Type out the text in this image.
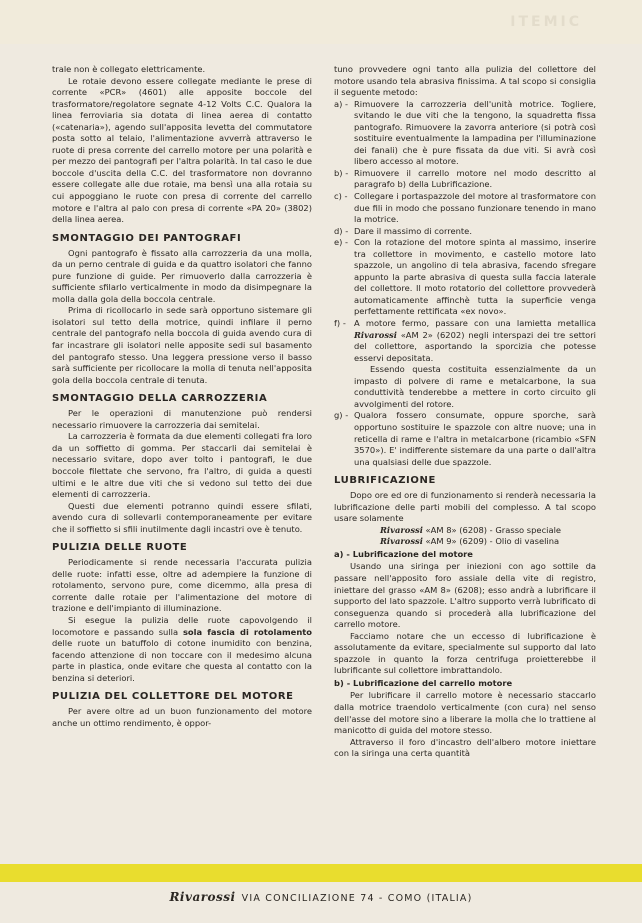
ITEMIC

trale non è collegato elettricamente.

Le rotaie devono essere collegate mediante le prese di corrente «PCR» (4601) alle apposite boccole del trasformatore/regolatore segnate 4-12 Volts C.C. Qualora la linea ferroviaria sia dotata di linea aerea di contatto («catenaria»), agendo sull'apposita levetta del commutatore posta sotto al telaio, l'alimentazione avverrà attraverso le ruote di presa corrente del carrello motore per una polarità e per mezzo dei pantografi per l'altra polarità. In tal caso le due boccole d'uscita della C.C. del trasformatore non dovranno essere collegate alle due rotaie, ma bensì una alla rotaia su cui appoggiano le ruote con presa di corrente del carrello motore e l'altra al palo con presa di corrente «PA 20» (3802) della linea aerea.

SMONTAGGIO DEI PANTOGRAFI

Ogni pantografo è fissato alla carrozzeria da una molla, da un perno centrale di guida e da quattro isolatori che fanno pure funzione di guide. Per rimuoverlo dalla carrozzeria è sufficiente sfilarlo verticalmente in modo da disimpegnare la molla dalla gola della boccola centrale.

Prima di ricollocarlo in sede sarà opportuno sistemare gli isolatori sul tetto della motrice, quindi infilare il perno centrale del pantografo nella boccola di guida avendo cura di far incastrare gli isolatori nelle apposite sedi sul basamento del pantografo stesso. Una leggera pressione verso il basso sarà sufficiente per ricollocare la molla di tenuta nell'apposita gola della boccola centrale di tenuta.

SMONTAGGIO DELLA CARROZZERIA

Per le operazioni di manutenzione può rendersi necessario rimuovere la carrozzeria dai semitelai.

La carrozzeria è formata da due elementi collegati fra loro da un soffietto di gomma. Per staccarli dai semitelai è necessario svitare, dopo aver tolto i pantografi, le due boccole filettate che servono, fra l'altro, di guida a questi ultimi e le altre due viti che si vedono sul tetto dei due elementi di carrozzeria.

Questi due elementi potranno quindi essere sfilati, avendo cura di sollevarli contemporaneamente per evitare che il soffietto si sfili inutilmente dagli incastri ove è tenuto.

PULIZIA DELLE RUOTE

Periodicamente si rende necessaria l'accurata pulizia delle ruote: infatti esse, oltre ad adempiere la funzione di rotolamento, servono pure, come dicemmo, alla presa di corrente dalle rotaie per l'alimentazione del motore di trazione e dell'impianto di illuminazione.

Si esegue la pulizia delle ruote capovolgendo il locomotore e passando sulla sola fascia di rotolamento delle ruote un batuffolo di cotone inumidito con benzina, facendo attenzione di non toccare con il medesimo alcuna parte in plastica, onde evitare che questa al contatto con la benzina si deteriori.

PULIZIA DEL COLLETTORE DEL MOTORE

Per avere oltre ad un buon funzionamento del motore anche un ottimo rendimento, è oppor-

tuno provvedere ogni tanto alla pulizia del collettore del motore usando tela abrasiva finissima. A tal scopo si consiglia il seguente metodo:

a) - Rimuovere la carrozzeria dell'unità motrice. Togliere, svitando le due viti che la tengono, la squadretta fissa pantografo. Rimuovere la zavorra anteriore (si potrà così sostituire eventualmente la lampadina per l'illuminazione dei fanali) che è pure fissata da due viti. Si avrà così libero accesso al motore.
b) - Rimuovere il carrello motore nel modo descritto al paragrafo b) della Lubrificazione.
c) - Collegare i portaspazzole del motore al trasformatore con due fili in modo che possano funzionare tenendo in mano la motrice.
d) - Dare il massimo di corrente.
e) - Con la rotazione del motore spinta al massimo, inserire tra collettore in movimento, e castello motore lato spazzole, un angolino di tela abrasiva, facendo sfregare appunto la parte abrasiva di questa sulla faccia laterale del collettore. Il moto rotatorio del collettore provvederà automaticamente affinchè tutta la superficie venga perfettamente rettificata «ex novo».
f) - A motore fermo, passare con una lamietta metallica Rivarossi «AM 2» (6202) negli interspazi dei tre settori del collettore, asportando la sporcizia che potesse esservi depositata.
Essendo questa costituita essenzialmente da un impasto di polvere di rame e metalcarbone, la sua conduttività tenderebbe a mettere in corto circuito gli avvolgimenti del rotore.
g) - Qualora fossero consumate, oppure sporche, sarà opportuno sostituire le spazzole con altre nuove; una in reticella di rame e l'altra in metalcarbone (ricambio «SFN 3570»). E' indifferente sistemare da una parte o dall'altra una qualsiasi delle due spazzole.
LUBRIFICAZIONE

Dopo ore ed ore di funzionamento si renderà necessaria la lubrificazione delle parti mobili del complesso. A tal scopo usare solamente

Rivarossi «AM 8» (6208) - Grasso speciale
Rivarossi «AM 9» (6209) - Olio di vaselina
a) - Lubrificazione del motore

Usando una siringa per iniezioni con ago sottile da passare nell'apposito foro assiale della vite di registro, iniettare del grasso «AM 8» (6208); esso andrà a lubrificare il supporto del lato spazzole. L'altro supporto verrà lubrificato di conseguenza quando si procederà alla lubrificazione del carrello motore.

Facciamo notare che un eccesso di lubrificazione è assolutamente da evitare, specialmente sul supporto dal lato spazzole in quanto la forza centrifuga proietterebbe il lubrificante sul collettore imbrattandolo.

b) - Lubrificazione del carrello motore

Per lubrificare il carrello motore è necessario staccarlo dalla motrice traendolo verticalmente (con cura) nel senso dell'asse del motore sino a liberare la molla che lo trattiene al manicotto di guida del motore stesso.

Attraverso il foro d'incastro dell'albero motore iniettare con la siringa una certa quantità

Rivarossi VIA CONCILIAZIONE 74 - COMO (ITALIA)
